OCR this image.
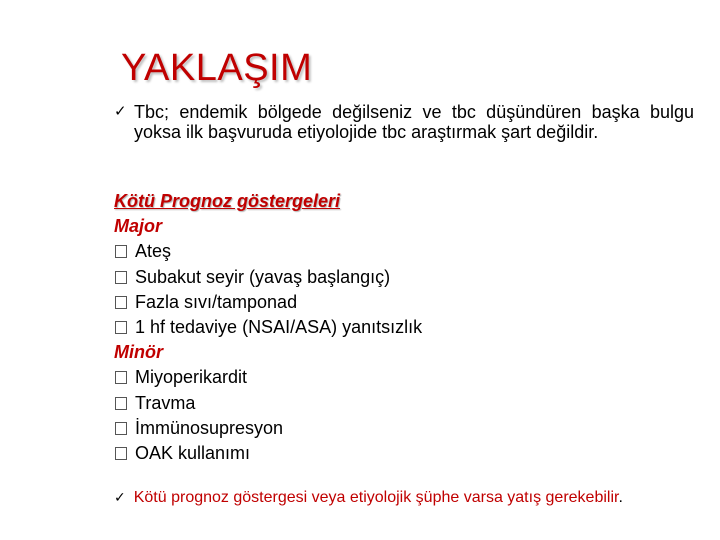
YAKLAŞIM
✓ Tbc; endemik bölgede değilseniz ve tbc düşündüren başka bulgu yoksa ilk başvuruda etiyolojide tbc araştırmak şart değildir.
Kötü Prognoz göstergeleri
Major
Ateş
Subakut seyir (yavaş başlangıç)
Fazla sıvı/tamponad
1 hf tedaviye (NSAI/ASA) yanıtsızlık
Minör
Miyoperikardit
Travma
İmmünosupresyon
OAK kullanımı
✓ Kötü prognoz göstergesi veya etiyolojik şüphe varsa yatış gerekebilir.
